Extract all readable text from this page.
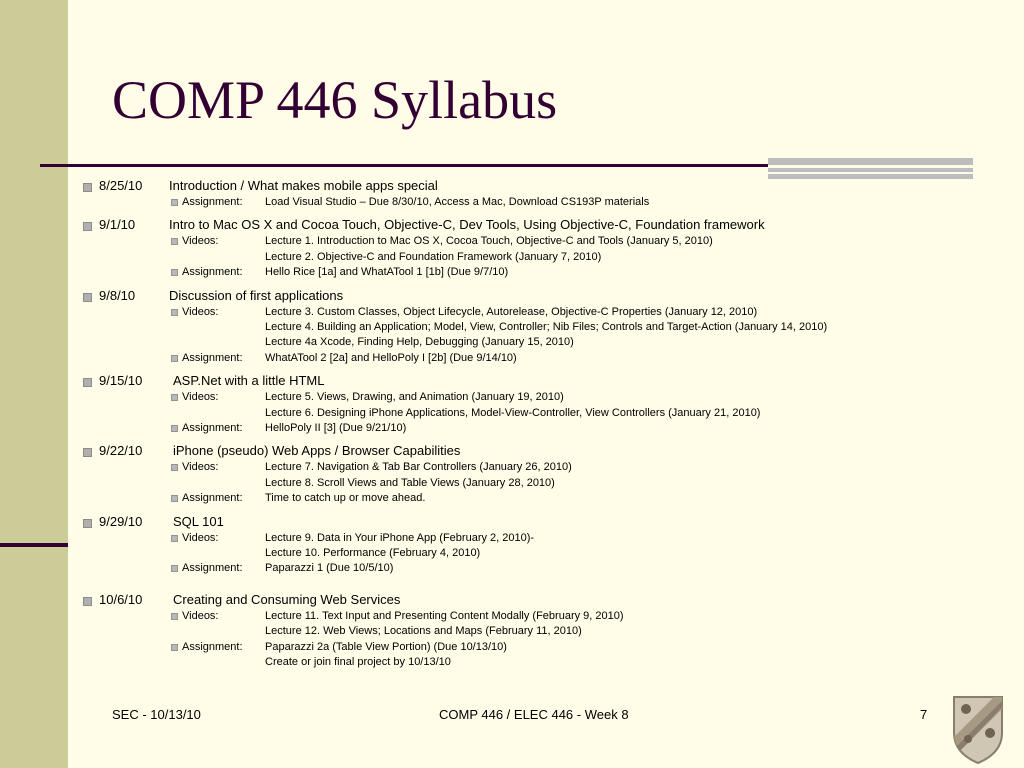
COMP 446 Syllabus
8/25/10 Introduction / What makes mobile apps special
Assignment: Load Visual Studio – Due 8/30/10, Access a Mac, Download CS193P materials
9/1/10	Intro to Mac OS X and Cocoa Touch, Objective-C, Dev Tools, Using Objective-C, Foundation framework
Videos:	Lecture 1. Introduction to Mac OS X, Cocoa Touch, Objective-C and Tools (January 5, 2010)
Lecture 2. Objective-C and Foundation Framework (January 7, 2010)
Assignment: Hello Rice [1a] and WhatATool 1 [1b] (Due 9/7/10)
9/8/10	Discussion of first applications
Videos:	Lecture 3. Custom Classes, Object Lifecycle, Autorelease, Objective-C Properties (January 12, 2010)
Lecture 4. Building an Application; Model, View, Controller; Nib Files; Controls and Target-Action (January 14, 2010)
Lecture 4a Xcode, Finding Help, Debugging (January 15, 2010)
Assignment: WhatATool 2 [2a] and HelloPoly I [2b] (Due 9/14/10)
9/15/10 ASP.Net with a little HTML
Videos:	Lecture 5. Views, Drawing, and Animation (January 19, 2010)
Lecture 6. Designing iPhone Applications, Model-View-Controller, View Controllers (January 21, 2010)
Assignment: HelloPoly II [3] (Due 9/21/10)
9/22/10 iPhone (pseudo) Web Apps / Browser Capabilities
Videos:	Lecture 7. Navigation & Tab Bar Controllers (January 26, 2010)
Lecture 8. Scroll Views and Table Views (January 28, 2010)
Assignment: Time to catch up or move ahead.
9/29/10 SQL 101
Videos:	Lecture 9. Data in Your iPhone App (February 2, 2010)-
Lecture 10. Performance (February 4, 2010)
Assignment: Paparazzi 1 (Due 10/5/10)
10/6/10 Creating and Consuming Web Services
Videos:	Lecture 11. Text Input and Presenting Content Modally (February 9, 2010)
Lecture 12. Web Views; Locations and Maps (February 11, 2010)
Assignment: Paparazzi 2a (Table View Portion) (Due 10/13/10)
Create or join final project by 10/13/10
SEC - 10/13/10	COMP 446 / ELEC 446 - Week 8	7
